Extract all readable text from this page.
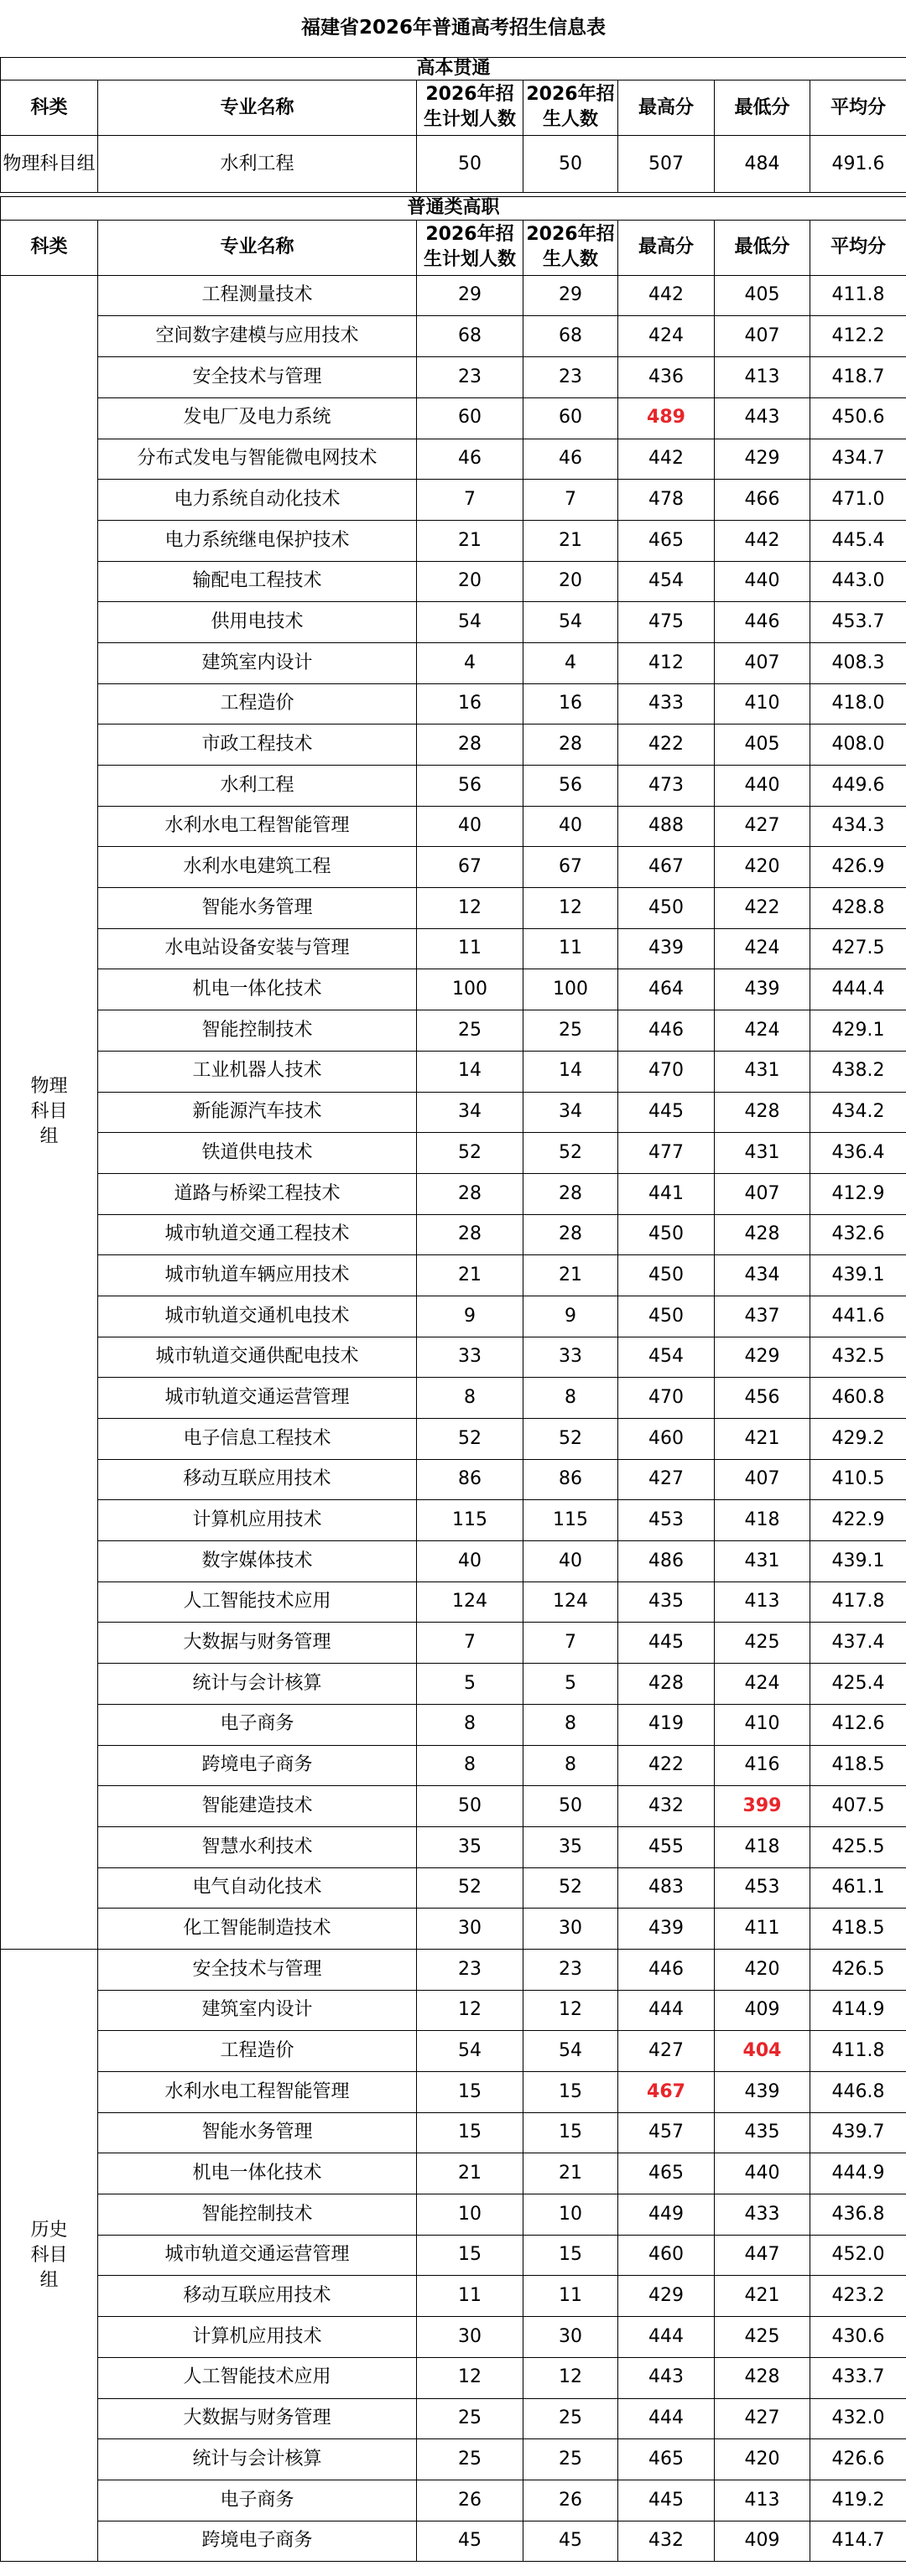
福建省2026年普通高考招生信息表						
高本贯通						
科类	专业名称	2026年招生计划人数	2026年招生人数	最高分	最低分	平均分
物理科目组	水利工程	50	50	507	484	491.6

普通类高职						
科类	专业名称	2026年招生计划人数	2026年招生人数	最高分	最低分	平均分
物理科目组	工程测量技术	29	29	442	405	411.8
	空间数字建模与应用技术	68	68	424	407	412.2
	安全技术与管理	23	23	436	413	418.7
	发电厂及电力系统	60	60	489	443	450.6
	分布式发电与智能微电网技术	46	46	442	429	434.7
	电力系统自动化技术	7	7	478	466	471.0
	电力系统继电保护技术	21	21	465	442	445.4
	输配电工程技术	20	20	454	440	443.0
	供用电技术	54	54	475	446	453.7
	建筑室内设计	4	4	412	407	408.3
	工程造价	16	16	433	410	418.0
	市政工程技术	28	28	422	405	408.0
	水利工程	56	56	473	440	449.6
	水利水电工程智能管理	40	40	488	427	434.3
	水利水电建筑工程	67	67	467	420	426.9
	智能水务管理	12	12	450	422	428.8
	水电站设备安装与管理	11	11	439	424	427.5
	机电一体化技术	100	100	464	439	444.4
	智能控制技术	25	25	446	424	429.1
	工业机器人技术	14	14	470	431	438.2
	新能源汽车技术	34	34	445	428	434.2
	铁道供电技术	52	52	477	431	436.4
	道路与桥梁工程技术	28	28	441	407	412.9
	城市轨道交通工程技术	28	28	450	428	432.6
	城市轨道车辆应用技术	21	21	450	434	439.1
	城市轨道交通机电技术	9	9	450	437	441.6
	城市轨道交通供配电技术	33	33	454	429	432.5
	城市轨道交通运营管理	8	8	470	456	460.8
	电子信息工程技术	52	52	460	421	429.2
	移动互联应用技术	86	86	427	407	410.5
	计算机应用技术	115	115	453	418	422.9
	数字媒体技术	40	40	486	431	439.1
	人工智能技术应用	124	124	435	413	417.8
	大数据与财务管理	7	7	445	425	437.4
	统计与会计核算	5	5	428	424	425.4
	电子商务	8	8	419	410	412.6
	跨境电子商务	8	8	422	416	418.5
	智能建造技术	50	50	432	399	407.5
	智慧水利技术	35	35	455	418	425.5
	电气自动化技术	52	52	483	453	461.1
	化工智能制造技术	30	30	439	411	418.5
历史科目组	安全技术与管理	23	23	446	420	426.5
	建筑室内设计	12	12	444	409	414.9
	工程造价	54	54	427	404	411.8
	水利水电工程智能管理	15	15	467	439	446.8
	智能水务管理	15	15	457	435	439.7
	机电一体化技术	21	21	465	440	444.9
	智能控制技术	10	10	449	433	436.8
	城市轨道交通运营管理	15	15	460	447	452.0
	移动互联应用技术	11	11	429	421	423.2
	计算机应用技术	30	30	444	425	430.6
	人工智能技术应用	12	12	443	428	433.7
	大数据与财务管理	25	25	444	427	432.0
	统计与会计核算	25	25	465	420	426.6
	电子商务	26	26	445	413	419.2
	跨境电子商务	45	45	432	409	414.7
